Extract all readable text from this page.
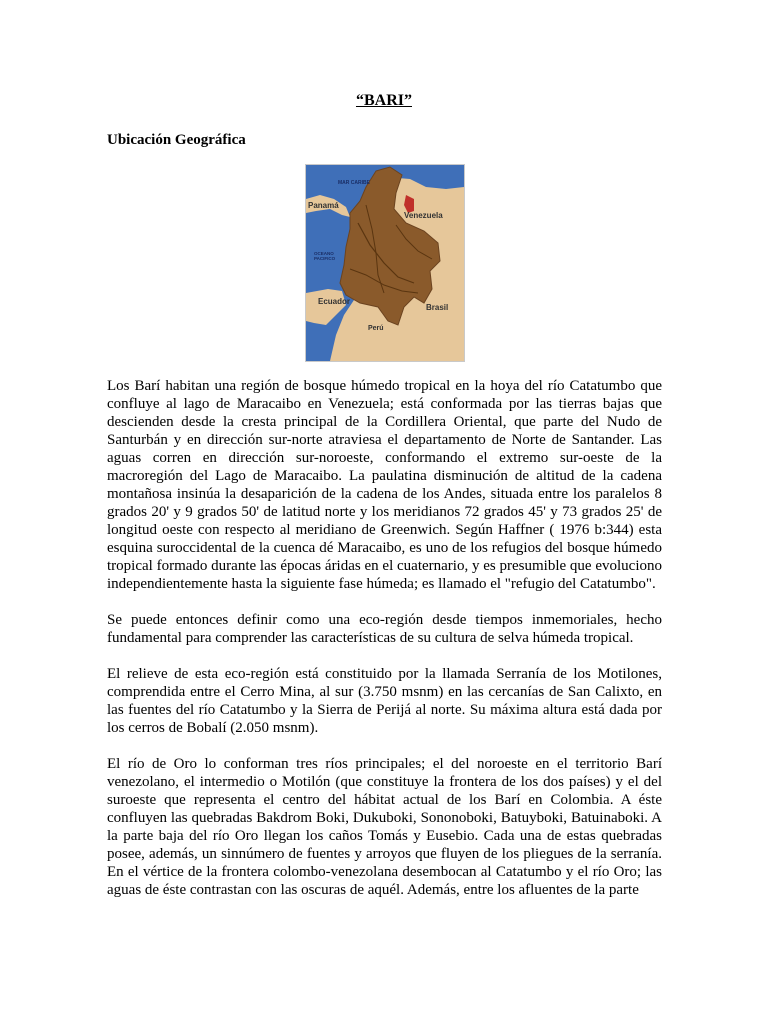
“BARI”
Ubicación Geográfica
MAR CARIBE
Panamá
Venezuela
OCEANO PACIFICO
Ecuador
Brasil
Perú

Los Barí habitan una región de bosque húmedo tropical en la hoya del río Catatumbo que confluye al lago de Maracaibo en Venezuela; está conformada por las tierras bajas que descienden desde la cresta principal de la Cordillera Oriental, que parte del Nudo de Santurbán y en dirección sur-norte atraviesa el departamento de Norte de Santander. Las aguas corren en dirección sur-noroeste, conformando el extremo sur-oeste de la macroregión del Lago de Maracaibo. La paulatina disminución de altitud de la cadena montañosa insinúa la desaparición de la cadena de los Andes, situada entre los paralelos 8 grados 20' y 9 grados 50' de latitud norte y los meridianos 72 grados 45' y 73 grados 25' de longitud oeste con respecto al meridiano de Greenwich. Según Haffner ( 1976 b:344) esta esquina suroccidental de la cuenca dé Maracaibo, es uno de los refugios del bosque húmedo tropical formado durante las épocas áridas en el cuaternario, y es presumible que evoluciono independientemente hasta la siguiente fase húmeda; es llamado el "refugio del Catatumbo".

Se puede entonces definir como una eco-región desde tiempos inmemoriales, hecho fundamental para comprender las características de su cultura de selva húmeda tropical.

El relieve de esta eco-región está constituido por la llamada Serranía de los Motilones, comprendida entre el Cerro Mina, al sur (3.750 msnm) en las cercanías de San Calixto, en las fuentes del río Catatumbo y la Sierra de Perijá al norte. Su máxima altura está dada por los cerros de Bobalí (2.050 msnm).

El río de Oro lo conforman tres ríos principales; el del noroeste en el territorio Barí venezolano, el intermedio o Motilón (que constituye la frontera de los dos países) y el del suroeste que representa el centro del hábitat actual de los Barí en Colombia. A éste confluyen las quebradas Bakdrom Boki, Dukuboki, Sononoboki, Batuyboki, Batuinaboki. A la parte baja del río Oro llegan los caños Tomás y Eusebio. Cada una de estas quebradas posee, además, un sinnúmero de fuentes y arroyos que fluyen de los pliegues de la serranía. En el vértice de la frontera colombo-venezolana desembocan al Catatumbo y el río Oro; las aguas de éste contrastan con las oscuras de aquél. Además, entre los afluentes de la parte
